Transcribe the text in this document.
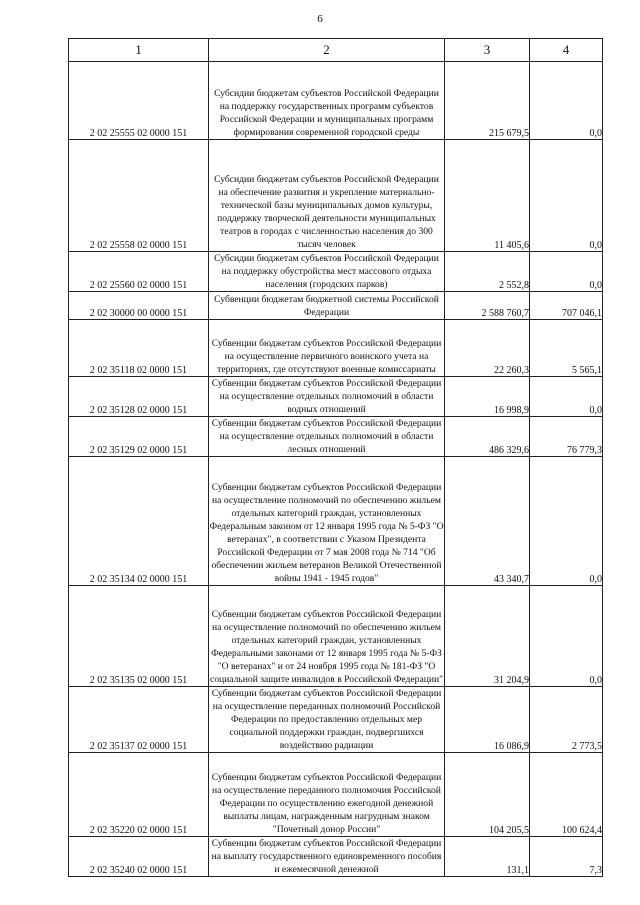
6
1	2	3	4
2 02 25555 02 0000 151	Субсидии бюджетам субъектов Российской Федерации на поддержку государственных программ субъектов Российской Федерации и муниципальных программ формирования современной городской среды	215 679,5	0,0
2 02 25558 02 0000 151	Субсидии бюджетам субъектов Российской Федерации на обеспечение развития и укрепление материально-технической базы муниципальных домов культуры, поддержку творческой деятельности муниципальных театров в городах с численностью населения до 300 тысяч человек	11 405,6	0,0
2 02 25560 02 0000 151	Субсидии бюджетам субъектов Российской Федерации на поддержку обустройства мест массового отдыха населения (городских парков)	2 552,8	0,0
2 02 30000 00 0000 151	Субвенции бюджетам бюджетной системы Российской Федерации	2 588 760,7	707 046,1
2 02 35118 02 0000 151	Субвенции бюджетам субъектов Российской Федерации на осуществление первичного воинского учета на территориях, где отсутствуют военные комиссариаты	22 260,3	5 565,1
2 02 35128 02 0000 151	Субвенции бюджетам субъектов Российской Федерации на осуществление отдельных полномочий в области водных отношений	16 998,9	0,0
2 02 35129 02 0000 151	Субвенции бюджетам субъектов Российской Федерации на осуществление отдельных полномочий в области лесных отношений	486 329,6	76 779,3
2 02 35134 02 0000 151	Субвенции бюджетам субъектов Российской Федерации на осуществление полномочий по обеспечению жильем отдельных категорий граждан, установленных Федеральным законом от 12 января 1995 года № 5-ФЗ "О ветеранах", в соответствии с Указом Президента Российской Федерации от 7 мая 2008 года № 714 "Об обеспечении жильем ветеранов Великой Отечественной войны 1941 - 1945 годов"	43 340,7	0,0
2 02 35135 02 0000 151	Субвенции бюджетам субъектов Российской Федерации на осуществление полномочий по обеспечению жильем отдельных категорий граждан, установленных Федеральными законами от 12 января 1995 года № 5-ФЗ "О ветеранах" и от 24 ноября 1995 года № 181-ФЗ "О социальной защите инвалидов в Российской Федерации"	31 204,9	0,0
2 02 35137 02 0000 151	Субвенции бюджетам субъектов Российской Федерации на осуществление переданных полномочий Российской Федерации по предоставлению отдельных мер социальной поддержки граждан, подвергшихся воздействию радиации	16 086,9	2 773,5
2 02 35220 02 0000 151	Субвенции бюджетам субъектов Российской Федерации на осуществление переданного полномочия Российской Федерации по осуществлению ежегодной денежной выплаты лицам, награжденным нагрудным знаком "Почетный донор России"	104 205,5	100 624,4
2 02 35240 02 0000 151	Субвенции бюджетам субъектов Российской Федерации на выплату государственного единовременного пособия и ежемесячной денежной	131,1	7,3
